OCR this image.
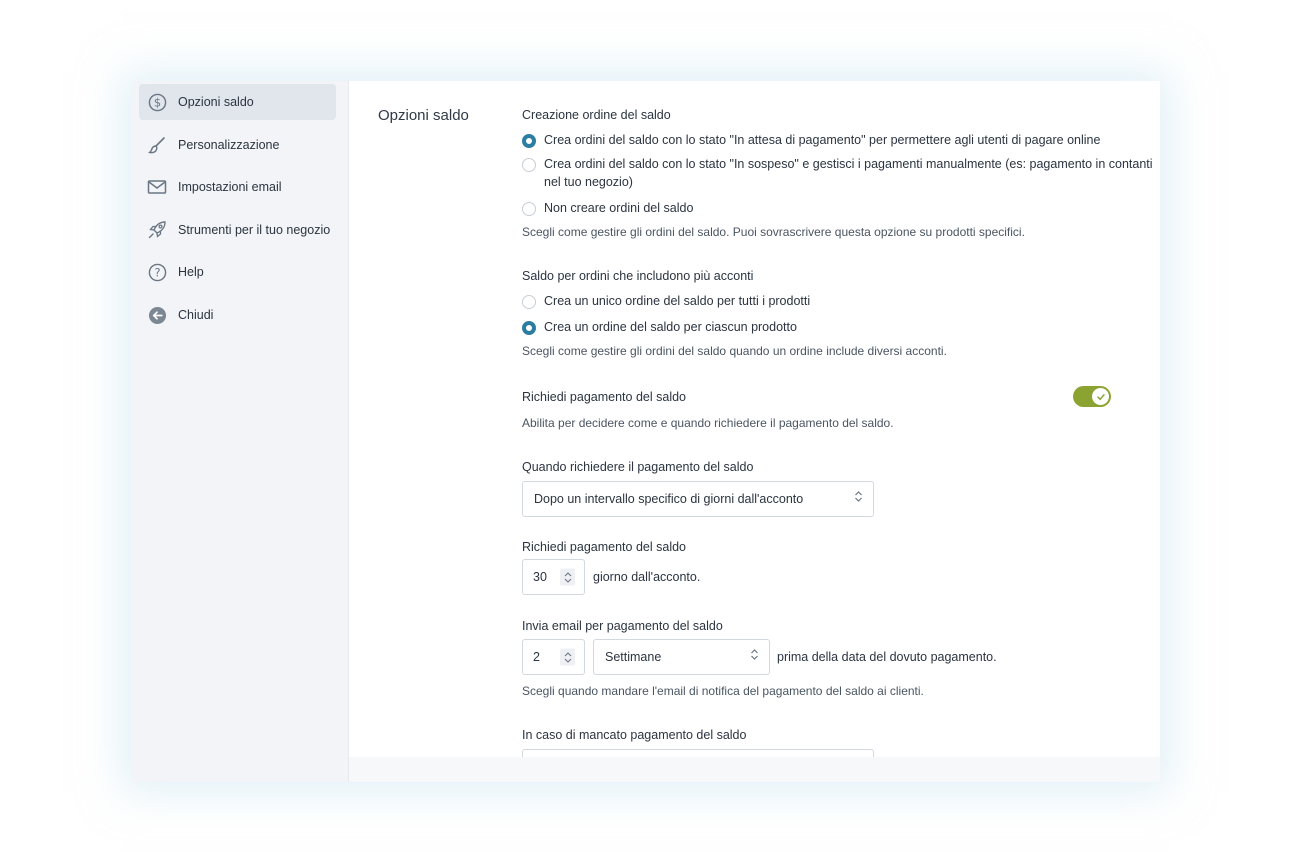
$ Opzioni saldo
Personalizzazione
Impostazioni email
Strumenti per il tuo negozio
? Help
Chiudi
Opzioni saldo	Creazione ordine del saldo
Crea ordini del saldo con lo stato "In attesa di pagamento" per permettere agli utenti di pagare online
Crea ordini del saldo con lo stato "In sospeso" e gestisci i pagamenti manualmente (es: pagamento in contanti
nel tuo negozio)
Non creare ordini del saldo
Scegli come gestire gli ordini del saldo. Puoi sovrascrivere questa opzione su prodotti specifici.
Saldo per ordini che includono più acconti
Crea un unico ordine del saldo per tutti i prodotti
Crea un ordine del saldo per ciascun prodotto
Scegli come gestire gli ordini del saldo quando un ordine include diversi acconti.
Richiedi pagamento del saldo
Abilita per decidere come e quando richiedere il pagamento del saldo.
Quando richiedere il pagamento del saldo
Dopo un intervallo specifico di giorni dall'acconto
Richiedi pagamento del saldo
30	giorno dall'acconto.
Invia email per pagamento del saldo
2	Settimane	prima della data del dovuto pagamento.
Scegli quando mandare l'email di notifica del pagamento del saldo ai clienti.
In caso di mancato pagamento del saldo
